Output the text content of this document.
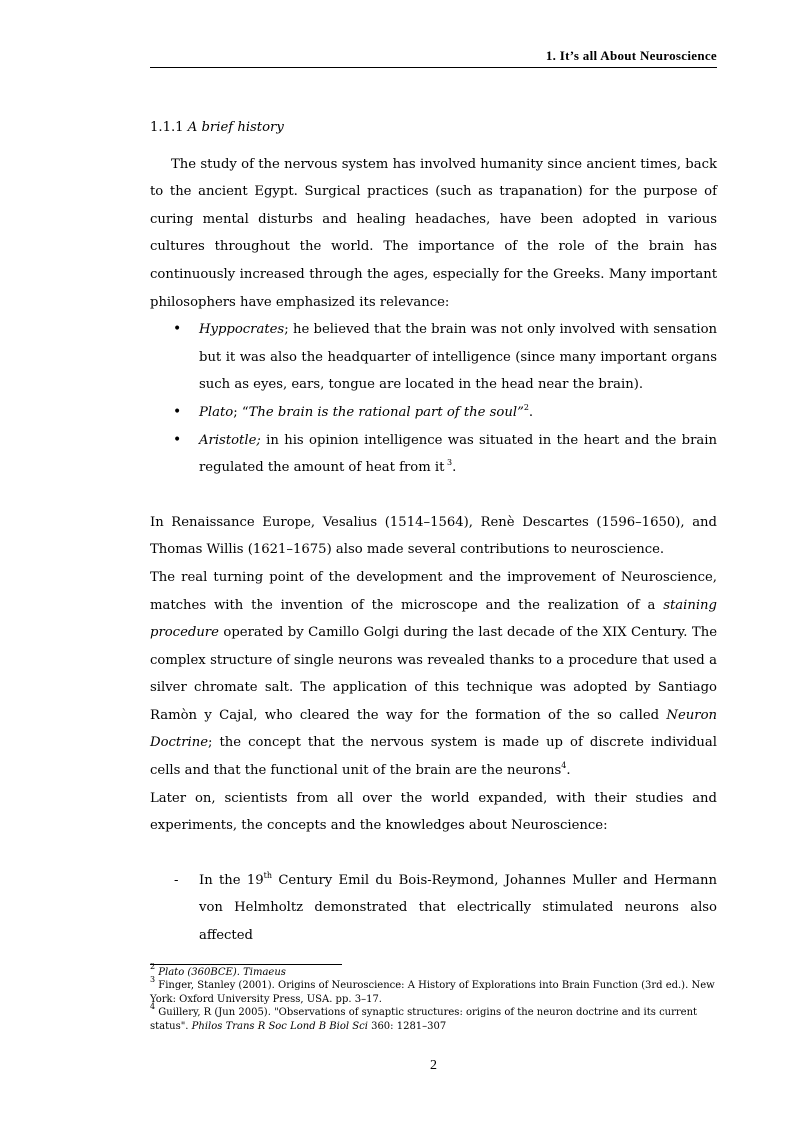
1. It’s all About Neuroscience

1.1.1 A brief history

The study of the nervous system has involved humanity since ancient times, back to the ancient Egypt. Surgical practices (such as trapanation) for the purpose of curing mental disturbs and healing headaches, have been adopted in various cultures throughout the world. The importance of the role of the brain has continuously increased through the ages, especially for the Greeks. Many important philosophers have emphasized its relevance:

• Hyppocrates; he believed that the brain was not only involved with sensation but it was also the headquarter of intelligence (since many important organs such as eyes, ears, tongue are located in the head near the brain).
• Plato; “The brain is the rational part of the soul”$^2$.
• Aristotle; in his opinion intelligence was situated in the heart and the brain regulated the amount of heat from it $^3$.

In Renaissance Europe, Vesalius (1514–1564), Renè Descartes (1596–1650), and Thomas Willis (1621–1675) also made several contributions to neuroscience.

The real turning point of the development and the improvement of Neuroscience, matches with the invention of the microscope and the realization of a staining procedure operated by Camillo Golgi during the last decade of the XIX Century. The complex structure of single neurons was revealed thanks to a procedure that used a silver chromate salt. The application of this technique was adopted by Santiago Ramòn y Cajal, who cleared the way for the formation of the so called Neuron Doctrine; the concept that the nervous system is made up of discrete individual cells and that the functional unit of the brain are the neurons$^4$.

Later on, scientists from all over the world expanded, with their studies and experiments, the concepts and the knowledges about Neuroscience:

- In the 19th Century Emil du Bois-Reymond, Johannes Muller and Hermann von Helmholtz demonstrated that electrically stimulated neurons also affected

$^2$ Plato (360BCE). Timaeus

$^3$ Finger, Stanley (2001). Origins of Neuroscience: A History of Explorations into Brain Function (3rd ed.). New York: Oxford University Press, USA. pp. 3–17.

$^4$ Guillery, R (Jun 2005). "Observations of synaptic structures: origins of the neuron doctrine and its current status". Philos Trans R Soc Lond B Biol Sci 360: 1281–307

2
